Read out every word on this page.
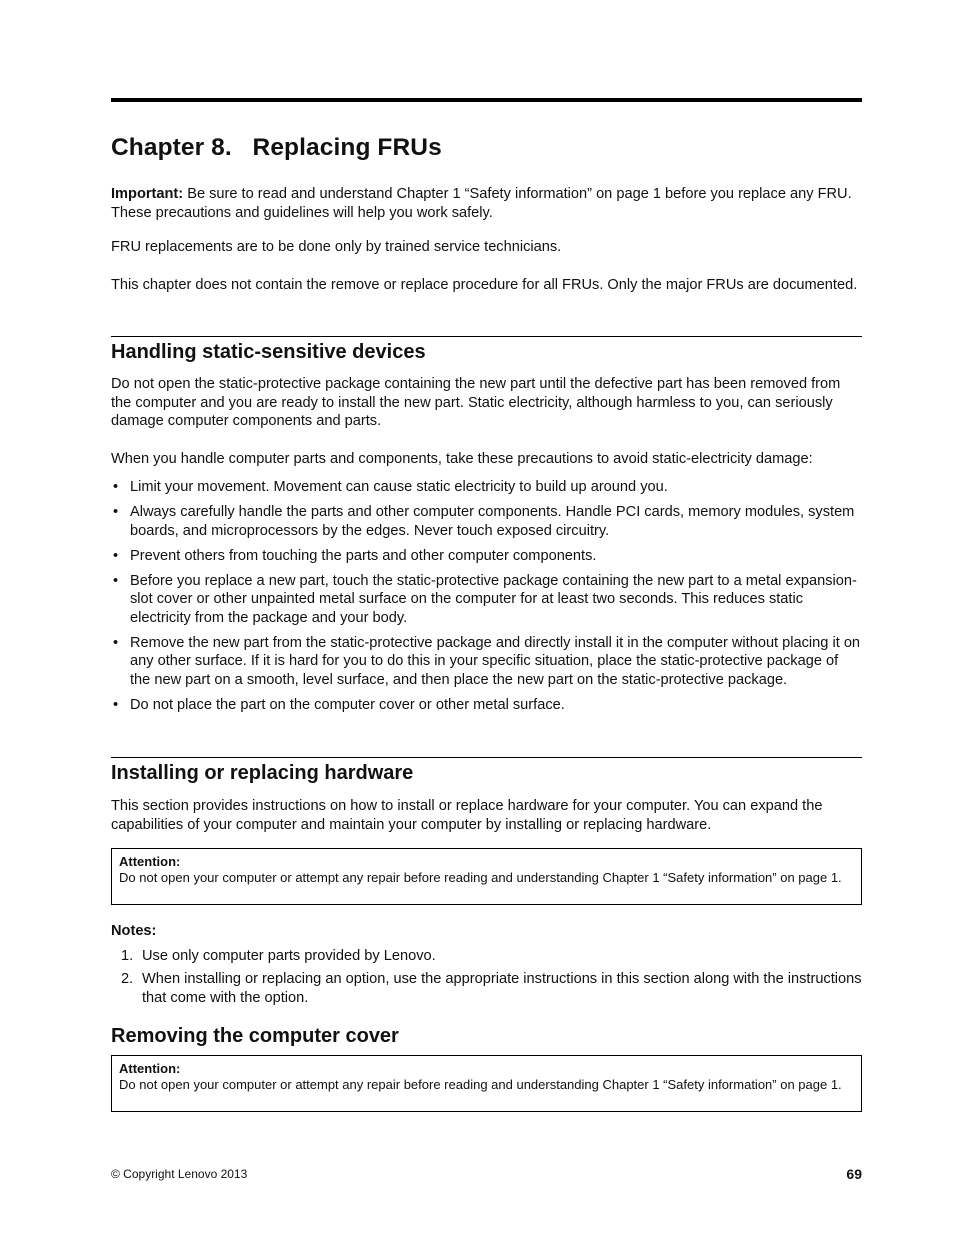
Chapter 8.   Replacing FRUs

Important: Be sure to read and understand Chapter 1 “Safety information” on page 1 before you replace any FRU. These precautions and guidelines will help you work safely.

FRU replacements are to be done only by trained service technicians.

This chapter does not contain the remove or replace procedure for all FRUs. Only the major FRUs are documented.

Handling static-sensitive devices

Do not open the static-protective package containing the new part until the defective part has been removed from the computer and you are ready to install the new part. Static electricity, although harmless to you, can seriously damage computer components and parts.

When you handle computer parts and components, take these precautions to avoid static-electricity damage:

• Limit your movement. Movement can cause static electricity to build up around you.
• Always carefully handle the parts and other computer components. Handle PCI cards, memory modules, system boards, and microprocessors by the edges. Never touch exposed circuitry.
• Prevent others from touching the parts and other computer components.
• Before you replace a new part, touch the static-protective package containing the new part to a metal expansion-slot cover or other unpainted metal surface on the computer for at least two seconds. This reduces static electricity from the package and your body.
• Remove the new part from the static-protective package and directly install it in the computer without placing it on any other surface. If it is hard for you to do this in your specific situation, place the static-protective package of the new part on a smooth, level surface, and then place the new part on the static-protective package.
• Do not place the part on the computer cover or other metal surface.
Installing or replacing hardware

This section provides instructions on how to install or replace hardware for your computer. You can expand the capabilities of your computer and maintain your computer by installing or replacing hardware.

Attention:
Do not open your computer or attempt any repair before reading and understanding Chapter 1 “Safety information” on page 1.

Notes:

1. Use only computer parts provided by Lenovo.
2. When installing or replacing an option, use the appropriate instructions in this section along with the instructions that come with the option.
Removing the computer cover
Attention:
Do not open your computer or attempt any repair before reading and understanding Chapter 1 “Safety information” on page 1.
© Copyright Lenovo 2013	69
